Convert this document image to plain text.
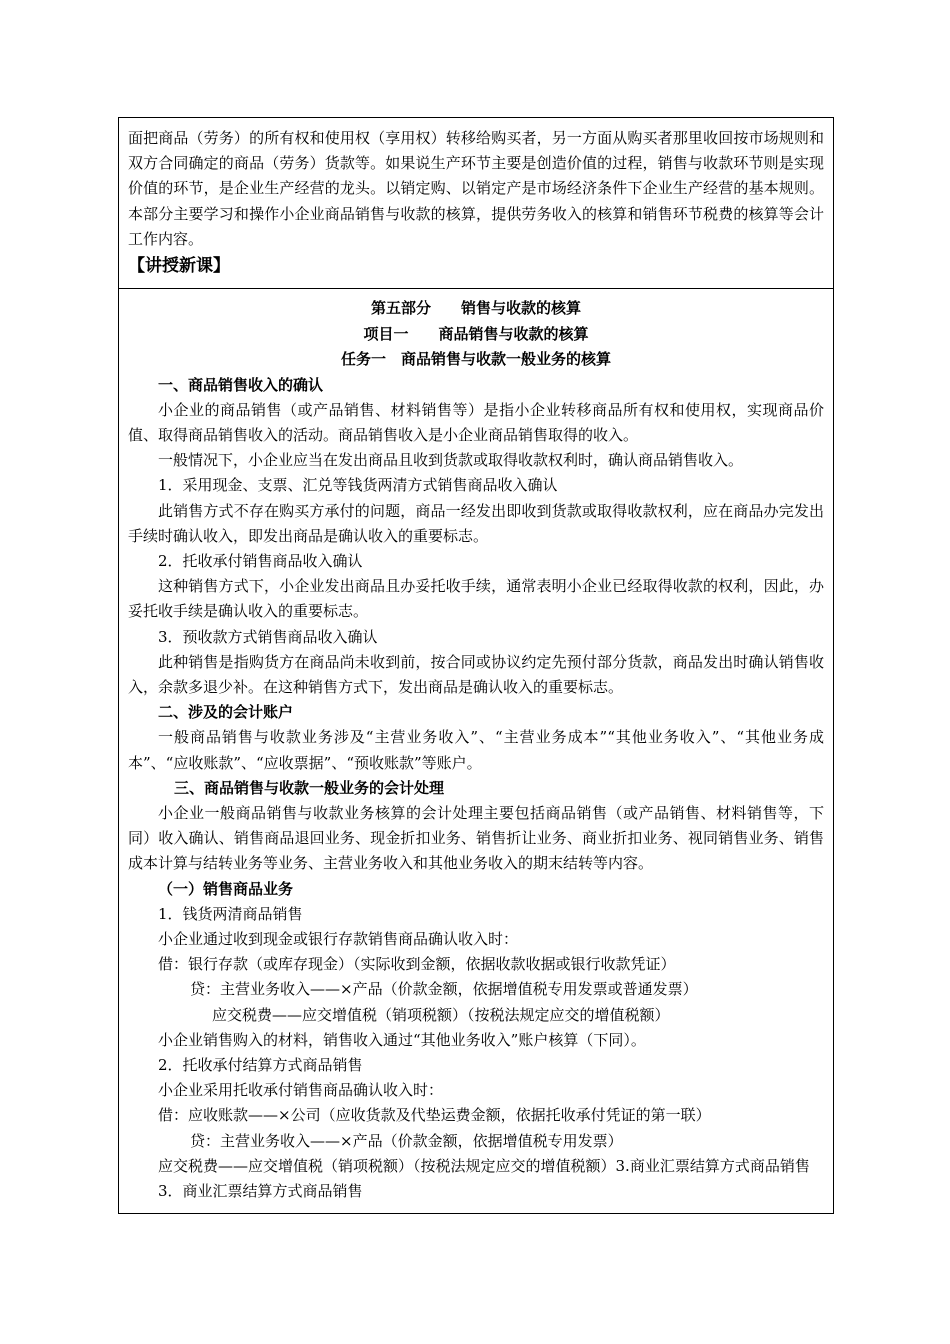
面把商品（劳务）的所有权和使用权（享用权）转移给购买者，另一方面从购买者那里收回按市场规则和双方合同确定的商品（劳务）货款等。如果说生产环节主要是创造价值的过程，销售与收款环节则是实现价值的环节，是企业生产经营的龙头。以销定购、以销定产是市场经济条件下企业生产经营的基本规则。本部分主要学习和操作小企业商品销售与收款的核算，提供劳务收入的核算和销售环节税费的核算等会计工作内容。

【讲授新课】

第五部分　　销售与收款的核算

项目一　　商品销售与收款的核算

任务一　商品销售与收款一般业务的核算

一、商品销售收入的确认

小企业的商品销售（或产品销售、材料销售等）是指小企业转移商品所有权和使用权，实现商品价值、取得商品销售收入的活动。商品销售收入是小企业商品销售取得的收入。

一般情况下，小企业应当在发出商品且收到货款或取得收款权利时，确认商品销售收入。

1．采用现金、支票、汇兑等钱货两清方式销售商品收入确认

此销售方式不存在购买方承付的问题，商品一经发出即收到货款或取得收款权利，应在商品办完发出手续时确认收入，即发出商品是确认收入的重要标志。

2．托收承付销售商品收入确认

这种销售方式下，小企业发出商品且办妥托收手续，通常表明小企业已经取得收款的权利，因此，办妥托收手续是确认收入的重要标志。

3．预收款方式销售商品收入确认

此种销售是指购货方在商品尚未收到前，按合同或协议约定先预付部分货款，商品发出时确认销售收入，余款多退少补。在这种销售方式下，发出商品是确认收入的重要标志。

二、涉及的会计账户

一般商品销售与收款业务涉及“主营业务收入”、“主营业务成本”“其他业务收入”、“其他业务成本”、“应收账款”、“应收票据”、“预收账款”等账户。

三、商品销售与收款一般业务的会计处理

小企业一般商品销售与收款业务核算的会计处理主要包括商品销售（或产品销售、材料销售等，下同）收入确认、销售商品退回业务、现金折扣业务、销售折让业务、商业折扣业务、视同销售业务、销售成本计算与结转业务等业务、主营业务收入和其他业务收入的期末结转等内容。

（一）销售商品业务

1．钱货两清商品销售

小企业通过收到现金或银行存款销售商品确认收入时：

借：银行存款（或库存现金）（实际收到金额，依据收款收据或银行收款凭证）

贷：主营业务收入——×产品（价款金额，依据增值税专用发票或普通发票）

应交税费——应交增值税（销项税额）（按税法规定应交的增值税额）

小企业销售购入的材料，销售收入通过“其他业务收入”账户核算（下同）。

2．托收承付结算方式商品销售

小企业采用托收承付销售商品确认收入时：

借：应收账款——×公司（应收货款及代垫运费金额，依据托收承付凭证的第一联）

贷：主营业务收入——×产品（价款金额，依据增值税专用发票）

应交税费——应交增值税（销项税额）（按税法规定应交的增值税额）3.商业汇票结算方式商品销售

3．商业汇票结算方式商品销售
